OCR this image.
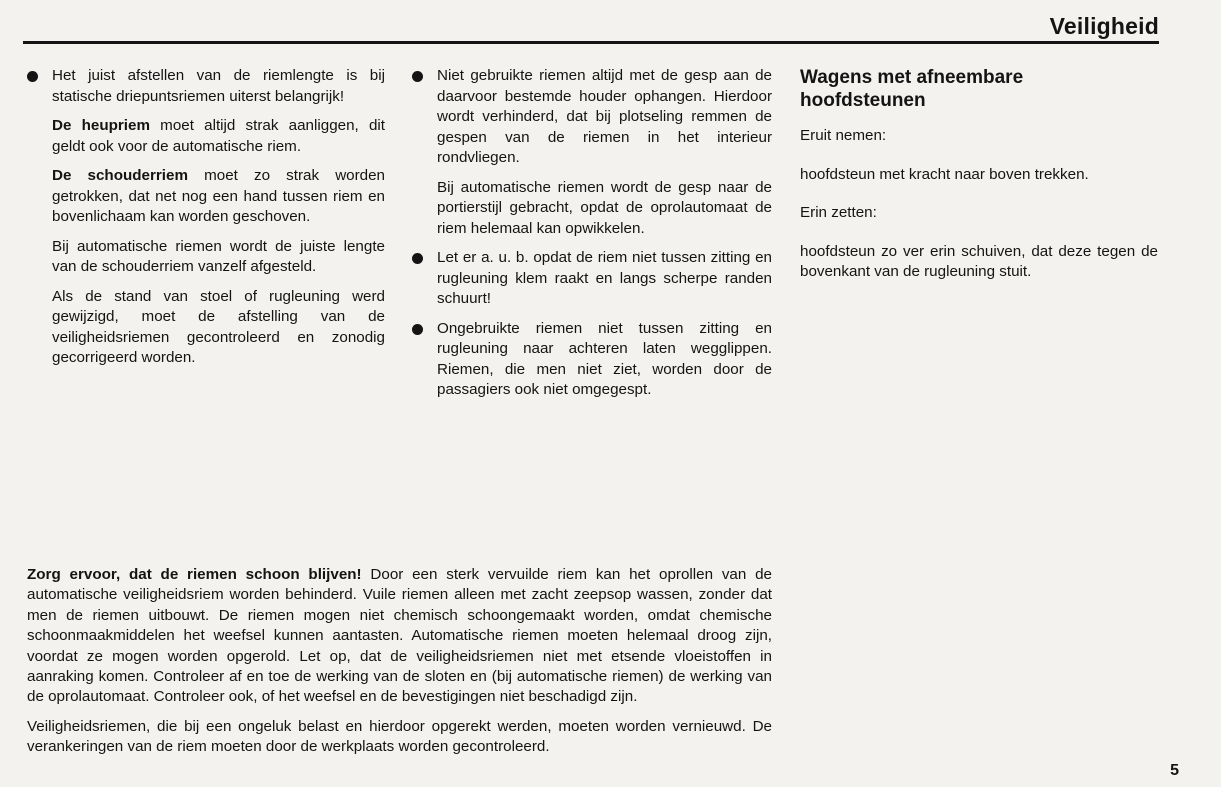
Veiligheid

Het juist afstellen van de riemlengte is bij statische driepuntsriemen uiterst belangrijk!

De heupriem moet altijd strak aanliggen, dit geldt ook voor de automatische riem.

De schouderriem moet zo strak worden getrokken, dat net nog een hand tussen riem en bovenlichaam kan worden geschoven.

Bij automatische riemen wordt de juiste lengte van de schouderriem vanzelf afgesteld.

Als de stand van stoel of rugleuning werd gewijzigd, moet de afstelling van de veiligheidsriemen gecontroleerd en zonodig gecorrigeerd worden.

Niet gebruikte riemen altijd met de gesp aan de daarvoor bestemde houder ophangen. Hierdoor wordt verhinderd, dat bij plotseling remmen de gespen van de riemen in het interieur rondvliegen.

Bij automatische riemen wordt de gesp naar de portierstijl gebracht, opdat de oprolautomaat de riem helemaal kan opwikkelen.

Let er a. u. b. opdat de riem niet tussen zitting en rugleuning klem raakt en langs scherpe randen schuurt!

Ongebruikte riemen niet tussen zitting en rugleuning naar achteren laten wegglippen. Riemen, die men niet ziet, worden door de passagiers ook niet omgegespt.

Wagens met afneembare hoofdsteunen

Eruit nemen:

hoofdsteun met kracht naar boven trekken.

Erin zetten:

hoofdsteun zo ver erin schuiven, dat deze tegen de bovenkant van de rugleuning stuit.

Zorg ervoor, dat de riemen schoon blijven! Door een sterk vervuilde riem kan het oprollen van de automatische veiligheidsriem worden behinderd. Vuile riemen alleen met zacht zeepsop wassen, zonder dat men de riemen uitbouwt. De riemen mogen niet chemisch schoongemaakt worden, omdat chemische schoonmaakmiddelen het weefsel kunnen aantasten. Automatische riemen moeten helemaal droog zijn, voordat ze mogen worden opgerold. Let op, dat de veiligheidsriemen niet met etsende vloeistoffen in aanraking komen. Controleer af en toe de werking van de sloten en (bij automatische riemen) de werking van de oprolautomaat. Controleer ook, of het weefsel en de bevestigingen niet beschadigd zijn.

Veiligheidsriemen, die bij een ongeluk belast en hierdoor opgerekt werden, moeten worden vernieuwd. De verankeringen van de riem moeten door de werkplaats worden gecontroleerd.

5
